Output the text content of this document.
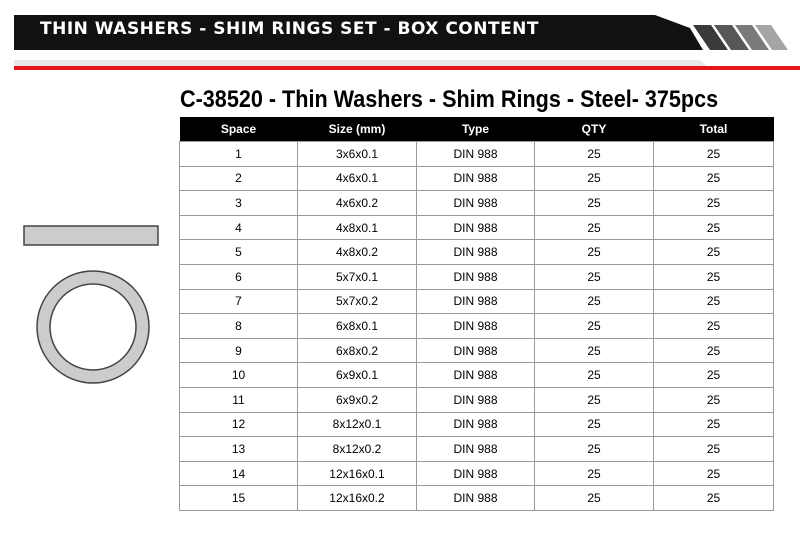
THIN WASHERS - SHIM RINGS SET - BOX CONTENT
C-38520 - Thin Washers - Shim Rings - Steel- 375pcs
Space	Size (mm)	Type	QTY	Total
1	3x6x0.1	DIN 988	25	25
2	4x6x0.1	DIN 988	25	25
3	4x6x0.2	DIN 988	25	25
4	4x8x0.1	DIN 988	25	25
5	4x8x0.2	DIN 988	25	25
6	5x7x0.1	DIN 988	25	25
7	5x7x0.2	DIN 988	25	25
8	6x8x0.1	DIN 988	25	25
9	6x8x0.2	DIN 988	25	25
10	6x9x0.1	DIN 988	25	25
11	6x9x0.2	DIN 988	25	25
12	8x12x0.1	DIN 988	25	25
13	8x12x0.2	DIN 988	25	25
14	12x16x0.1	DIN 988	25	25
15	12x16x0.2	DIN 988	25	25
